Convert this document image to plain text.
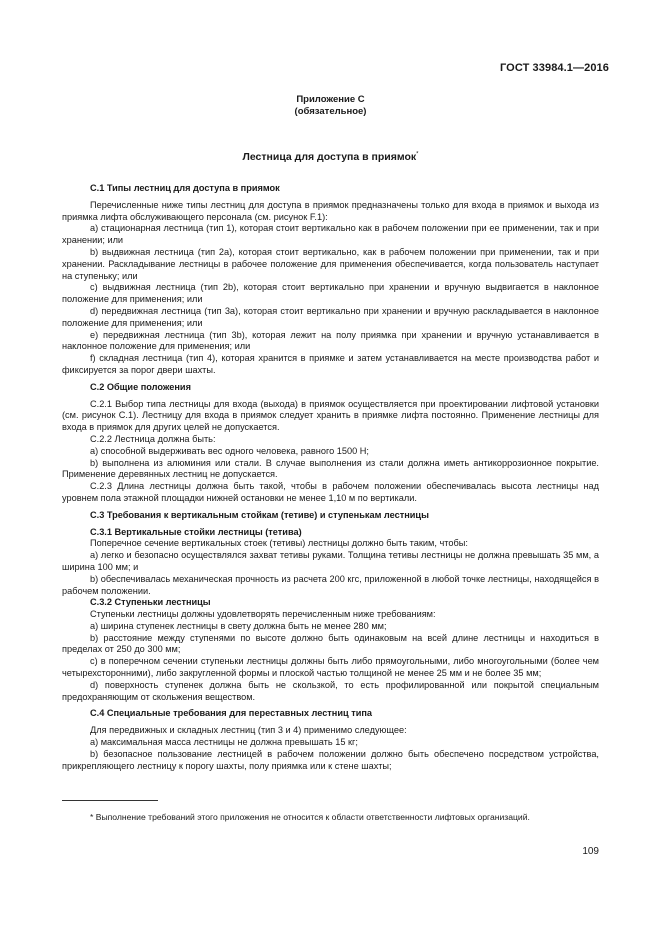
ГОСТ 33984.1—2016
Приложение С
(обязательное)
Лестница для доступа в приямок*

С.1 Типы лестниц для доступа в приямок

Перечисленные ниже типы лестниц для доступа в приямок предназначены только для входа в приямок и выхода из приямка лифта обслуживающего персонала (см. рисунок F.1):

a) стационарная лестница (тип 1), которая стоит вертикально как в рабочем положении при ее применении, так и при хранении; или

b) выдвижная лестница (тип 2а), которая стоит вертикально, как в рабочем положении при применении, так и при хранении. Раскладывание лестницы в рабочее положение для применения обеспечивается, когда пользователь наступает на ступеньку; или

c) выдвижная лестница (тип 2b), которая стоит вертикально при хранении и вручную выдвигается в наклонное положение для применения; или

d) передвижная лестница (тип 3а), которая стоит вертикально при хранении и вручную раскладывается в наклонное положение для применения; или

e) передвижная лестница (тип 3b), которая лежит на полу приямка при хранении и вручную устанавливается в наклонное положение для применения; или

f) складная лестница (тип 4), которая хранится в приямке и затем устанавливается на месте производства работ и фиксируется за порог двери шахты.

С.2 Общие положения

С.2.1 Выбор типа лестницы для входа (выхода) в приямок осуществляется при проектировании лифтовой установки (см. рисунок С.1). Лестницу для входа в приямок следует хранить в приямке лифта постоянно. Применение лестницы для входа в приямок для других целей не допускается.

С.2.2 Лестница должна быть:

a) способной выдерживать вес одного человека, равного 1500 Н;

b) выполнена из алюминия или стали. В случае выполнения из стали должна иметь антикоррозионное покрытие. Применение деревянных лестниц не допускается.

С.2.3 Длина лестницы должна быть такой, чтобы в рабочем положении обеспечивалась высота лестницы над уровнем пола этажной площадки нижней остановки не менее 1,10 м по вертикали.

С.3 Требования к вертикальным стойкам (тетиве) и ступенькам лестницы

С.3.1 Вертикальные стойки лестницы (тетива)

Поперечное сечение вертикальных стоек (тетивы) лестницы должно быть таким, чтобы:

a) легко и безопасно осуществлялся захват тетивы руками. Толщина тетивы лестницы не должна превышать 35 мм, а ширина 100 мм; и

b) обеспечивалась механическая прочность из расчета 200 кгс, приложенной в любой точке лестницы, находящейся в рабочем положении.

С.3.2 Ступеньки лестницы

Ступеньки лестницы должны удовлетворять перечисленным ниже требованиям:

a) ширина ступенек лестницы в свету должна быть не менее 280 мм;

b) расстояние между ступенями по высоте должно быть одинаковым на всей длине лестницы и находиться в пределах от 250 до 300 мм;

c) в поперечном сечении ступеньки лестницы должны быть либо прямоугольными, либо многоугольными (более чем четырехсторонними), либо закругленной формы и плоской частью толщиной не менее 25 мм и не более 35 мм;

d) поверхность ступенек должна быть не скользкой, то есть профилированной или покрытой специальным предохраняющим от скольжения веществом.

С.4 Специальные требования для переставных лестниц типа

Для передвижных и складных лестниц (тип 3 и 4) применимо следующее:

a) максимальная масса лестницы не должна превышать 15 кг;

b) безопасное пользование лестницей в рабочем положении должно быть обеспечено посредством устройства, прикрепляющего лестницу к порогу шахты, полу приямка или к стене шахты;

* Выполнение требований этого приложения не относится к области ответственности лифтовых организаций.
109
